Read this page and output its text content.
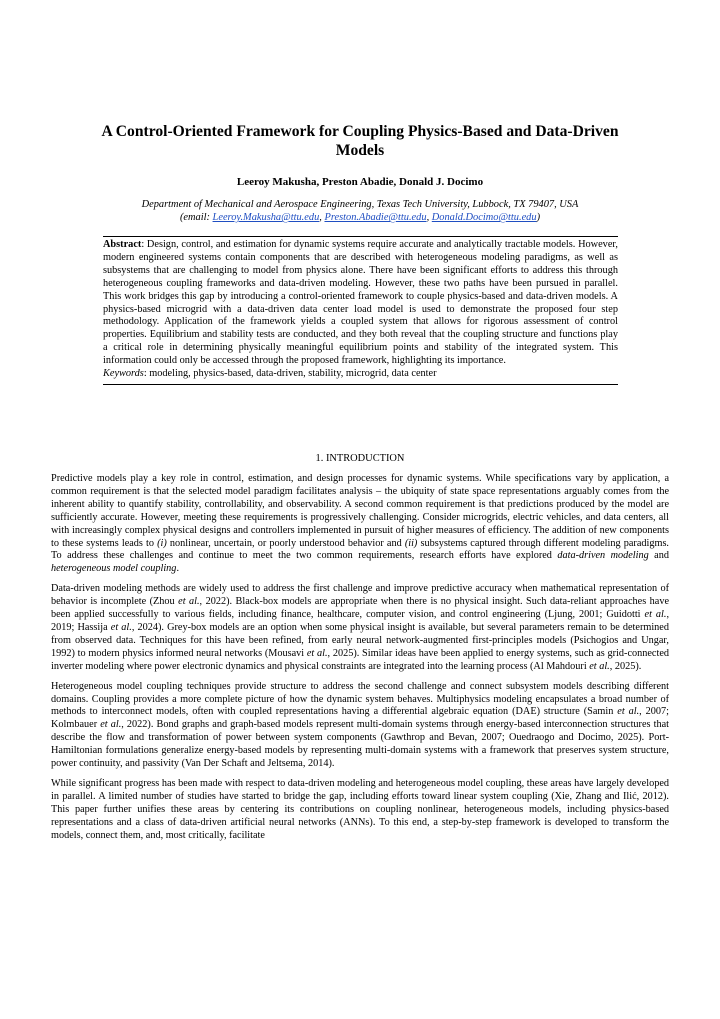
A Control-Oriented Framework for Coupling Physics-Based and Data-Driven Models
Leeroy Makusha, Preston Abadie, Donald J. Docimo
Department of Mechanical and Aerospace Engineering, Texas Tech University, Lubbock, TX 79407, USA
(email: Leeroy.Makusha@ttu.edu, Preston.Abadie@ttu.edu, Donald.Docimo@ttu.edu)

Abstract: Design, control, and estimation for dynamic systems require accurate and analytically tractable models. However, modern engineered systems contain components that are described with heterogeneous modeling paradigms, as well as subsystems that are challenging to model from physics alone. There have been significant efforts to address this through heterogeneous coupling frameworks and data-driven modeling. However, these two paths have been pursued in parallel. This work bridges this gap by introducing a control-oriented framework to couple physics-based and data-driven models. A physics-based microgrid with a data-driven data center load model is used to demonstrate the proposed four step methodology. Application of the framework yields a coupled system that allows for rigorous assessment of control properties. Equilibrium and stability tests are conducted, and they both reveal that the coupling structure and functions play a critical role in determining physically meaningful equilibrium points and stability of the integrated system. This information could only be accessed through the proposed framework, highlighting its importance.

Keywords: modeling, physics-based, data-driven, stability, microgrid, data center

1. INTRODUCTION

Predictive models play a key role in control, estimation, and design processes for dynamic systems. While specifications vary by application, a common requirement is that the selected model paradigm facilitates analysis – the ubiquity of state space representations arguably comes from the inherent ability to quantify stability, controllability, and observability. A second common requirement is that predictions produced by the model are sufficiently accurate. However, meeting these requirements is progressively challenging. Consider microgrids, electric vehicles, and data centers, all with increasingly complex physical designs and controllers implemented in pursuit of higher measures of efficiency. The addition of new components to these systems leads to (i) nonlinear, uncertain, or poorly understood behavior and (ii) subsystems captured through different modeling paradigms. To address these challenges and continue to meet the two common requirements, research efforts have explored data-driven modeling and heterogeneous model coupling.

Data-driven modeling methods are widely used to address the first challenge and improve predictive accuracy when mathematical representation of behavior is incomplete (Zhou et al., 2022). Black-box models are appropriate when there is no physical insight. Such data-reliant approaches have been applied successfully to various fields, including finance, healthcare, computer vision, and control engineering (Ljung, 2001; Guidotti et al., 2019; Hassija et al., 2024). Grey-box models are an option when some physical insight is available, but several parameters remain to be determined from observed data. Techniques for this have been refined, from early neural network-augmented first-principles models (Psichogios and Ungar, 1992) to modern physics informed neural networks (Mousavi et al., 2025). Similar ideas have been applied to energy systems, such as grid-connected inverter modeling where power electronic dynamics and physical constraints are integrated into the learning process (Al Mahdouri et al., 2025).

Heterogeneous model coupling techniques provide structure to address the second challenge and connect subsystem models describing different domains. Coupling provides a more complete picture of how the dynamic system behaves. Multiphysics modeling encapsulates a broad number of methods to interconnect models, often with coupled representations having a differential algebraic equation (DAE) structure (Samin et al., 2007; Kolmbauer et al., 2022). Bond graphs and graph-based models represent multi-domain systems through energy-based interconnection structures that describe the flow and transformation of power between system components (Gawthrop and Bevan, 2007; Ouedraogo and Docimo, 2025). Port-Hamiltonian formulations generalize energy-based models by representing multi-domain systems with a framework that preserves system structure, power continuity, and passivity (Van Der Schaft and Jeltsema, 2014).

While significant progress has been made with respect to data-driven modeling and heterogeneous model coupling, these areas have largely developed in parallel. A limited number of studies have started to bridge the gap, including efforts toward linear system coupling (Xie, Zhang and Ilić, 2012). This paper further unifies these areas by centering its contributions on coupling nonlinear, heterogeneous models, including physics-based representations and a class of data-driven artificial neural networks (ANNs). To this end, a step-by-step framework is developed to transform the models, connect them, and, most critically, facilitate
